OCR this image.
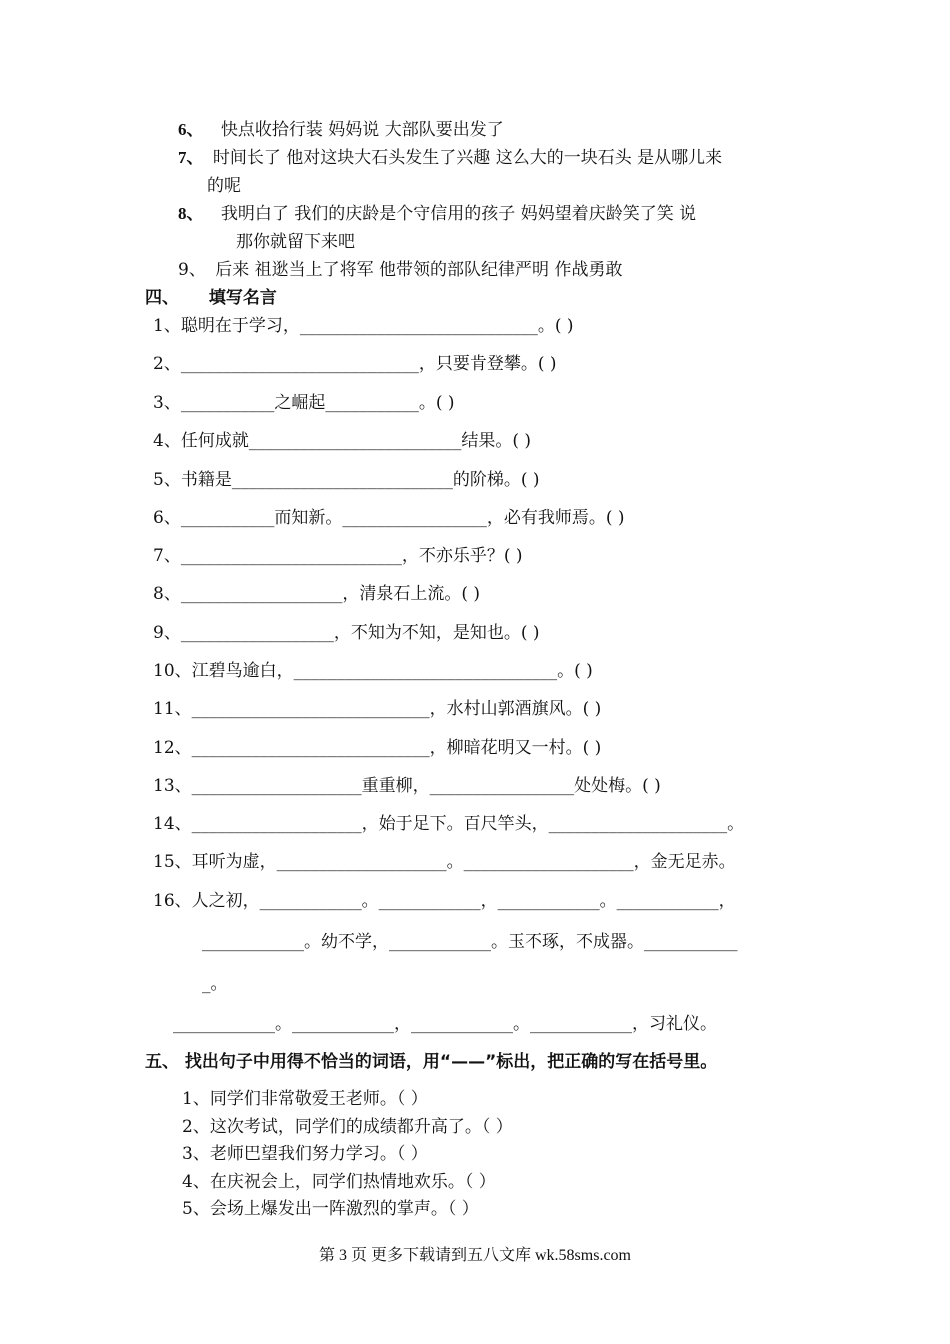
6、 快点收拾行装 妈妈说 大部队要出发了
7、 时间长了 他对这块大石头发生了兴趣 这么大的一块石头 是从哪儿来
的呢
8、 我明白了 我们的庆龄是个守信用的孩子 妈妈望着庆龄笑了笑 说
那你就留下来吧
9、 后来 祖逖当上了将军 他带领的部队纪律严明 作战勇敢
四、 填写名言
1、聪明在于学习，____________________________。( )
2、____________________________，只要肯登攀。( )
3、___________之崛起___________。( )
4、任何成就_________________________结果。( )
5、书籍是__________________________的阶梯。( )
6、___________而知新。_________________，必有我师焉。( )
7、__________________________，不亦乐乎？( )
8、___________________，清泉石上流。( )
9、__________________，不知为不知，是知也。( )
10、江碧鸟逾白，_______________________________。( )
11、____________________________，水村山郭酒旗风。( )
12、____________________________，柳暗花明又一村。( )
13、____________________重重柳，_________________处处梅。( )
14、____________________，始于足下。百尺竿头，_____________________。
15、耳听为虚，____________________。____________________，金无足赤。
16、人之初，____________。____________，____________。____________，
____________。幼不学，____________。玉不琢，不成器。___________
_。
____________。____________，____________。____________，习礼仪。
五、 找出句子中用得不恰当的词语，用“——”标出，把正确的写在括号里。
1、同学们非常敬爱王老师。（ ）
2、这次考试，同学们的成绩都升高了。（ ）
3、老师巴望我们努力学习。（ ）
4、在庆祝会上，同学们热情地欢乐。（ ）
5、会场上爆发出一阵激烈的掌声。（ ）
第 3 页 更多下载请到五八文库 wk.58sms.com
